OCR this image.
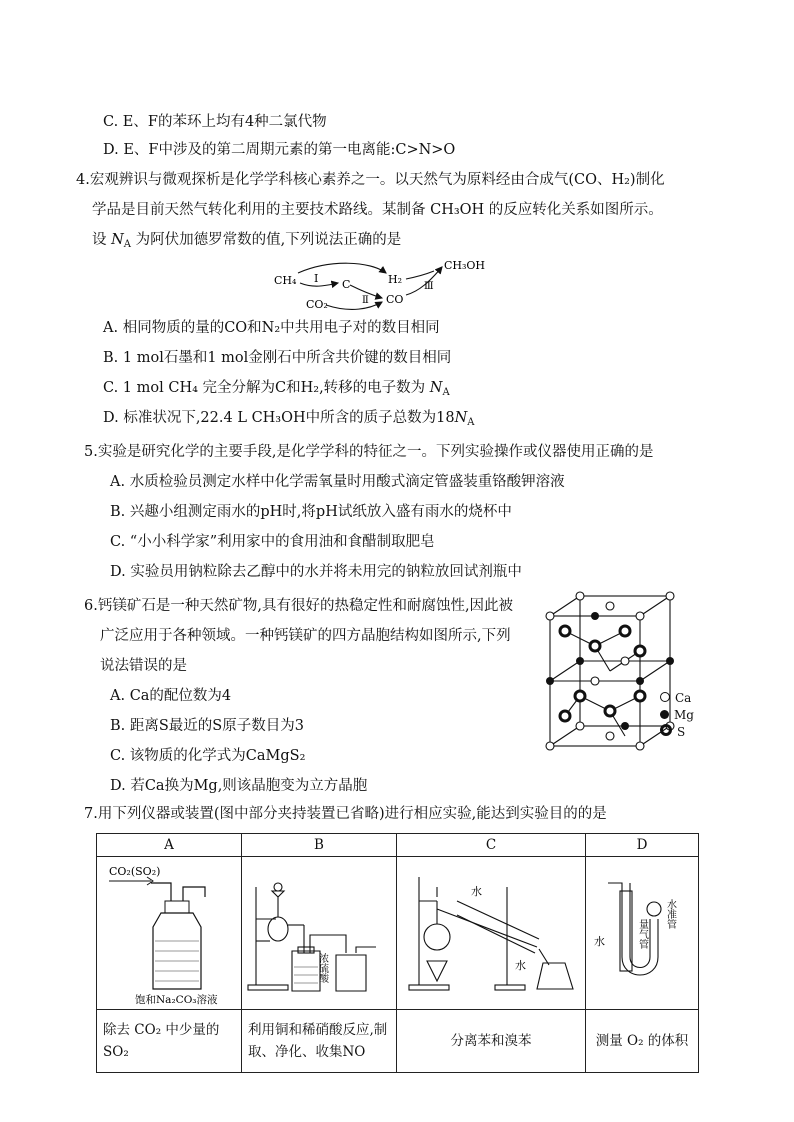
C. E、F的苯环上均有4种二氯代物
D. E、F中涉及的第二周期元素的第一电离能:C>N>O
4.宏观辨识与微观探析是化学学科核心素养之一。以天然气为原料经由合成气(CO、H₂)制化
学品是目前天然气转化利用的主要技术路线。某制备 CH₃OH 的反应转化关系如图所示。
设 $N_A$ 为阿伏加德罗常数的值,下列说法正确的是
CH₄	C
CO₂
H₂
CO
CH₃OH
Ⅰ
Ⅱ
Ⅲ
A. 相同物质的量的CO和N₂中共用电子对的数目相同
B. 1 mol石墨和1 mol金刚石中所含共价键的数目相同
C. 1 mol CH₄ 完全分解为C和H₂,转移的电子数为 $N_A$
D. 标准状况下,22.4 L CH₃OH中所含的质子总数为$18N_A$
5.实验是研究化学的主要手段,是化学学科的特征之一。下列实验操作或仪器使用正确的是
A. 水质检验员测定水样中化学需氧量时用酸式滴定管盛装重铬酸钾溶液
B. 兴趣小组测定雨水的pH时,将pH试纸放入盛有雨水的烧杯中
C. “小小科学家”利用家中的食用油和食醋制取肥皂
D. 实验员用钠粒除去乙醇中的水并将未用完的钠粒放回试剂瓶中
6.钙镁矿石是一种天然矿物,具有很好的热稳定性和耐腐蚀性,因此被
广泛应用于各种领域。一种钙镁矿的四方晶胞结构如图所示,下列
说法错误的是
A. Ca的配位数为4
B. 距离S最近的S原子数目为3
C. 该物质的化学式为CaMgS₂
D. 若Ca换为Mg,则该晶胞变为立方晶胞
Ca
Mg
S
7.用下列仪器或装置(图中部分夹持装置已省略)进行相应实验,能达到实验目的的是
A	B	C	D

CO₂(SO₂)
饱和Na₂CO₃溶液	浓硫酸	水
水	水
水准管
量气管

除去 CO₂ 中少量的 SO₂	利用铜和稀硝酸反应,制取、净化、收集NO	分离苯和溴苯	测量 O₂ 的体积
